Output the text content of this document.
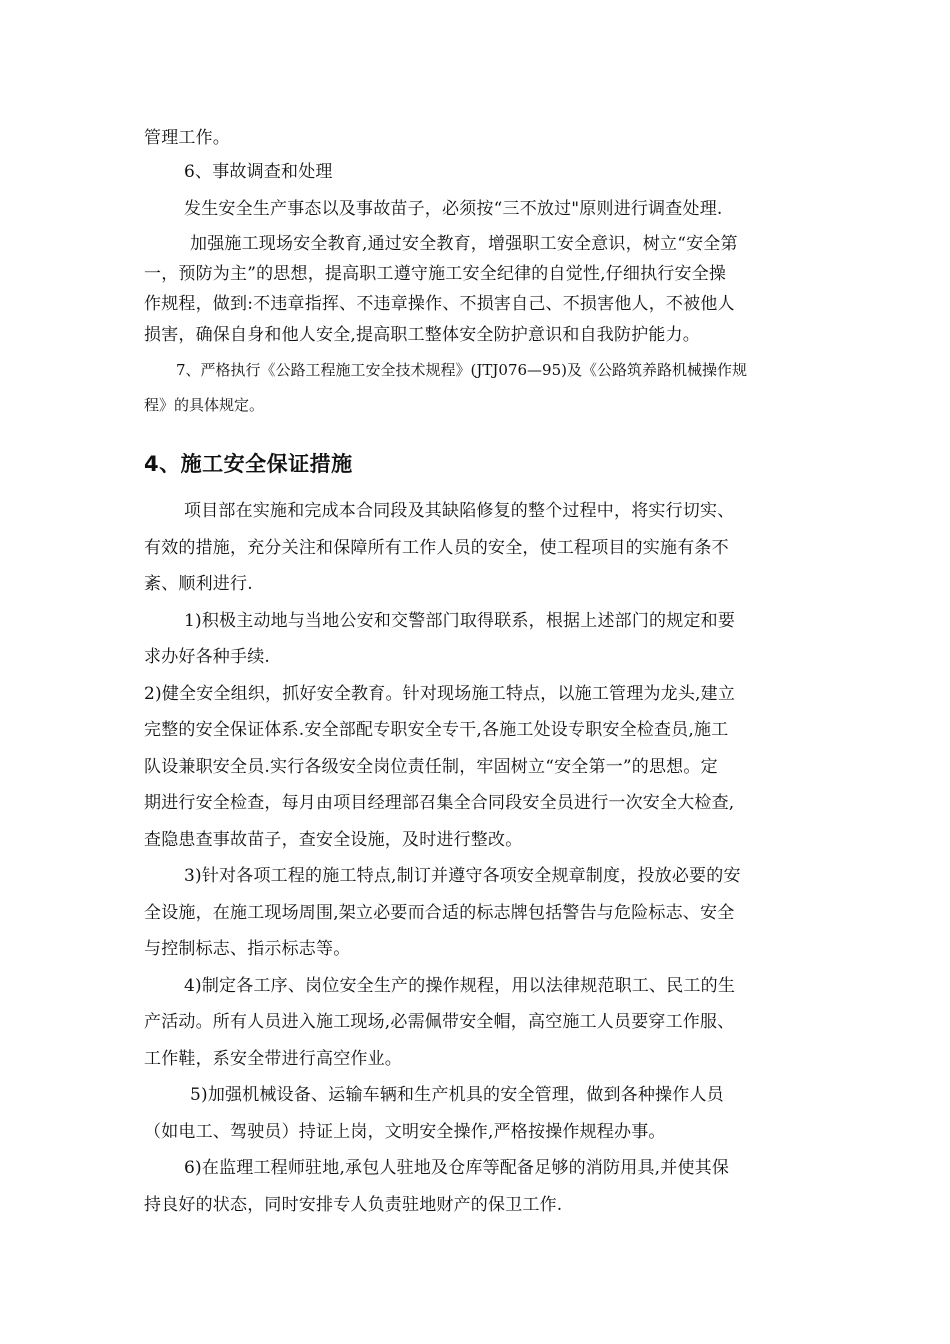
管理工作。
6、事故调查和处理
发生安全生产事态以及事故苗子，必须按“三不放过"原则进行调查处理.
加强施工现场安全教育,通过安全教育，增强职工安全意识，树立“安全第
一，预防为主”的思想，提高职工遵守施工安全纪律的自觉性,仔细执行安全操
作规程，做到:不违章指挥、不违章操作、不损害自己、不损害他人，不被他人
损害，确保自身和他人安全,提高职工整体安全防护意识和自我防护能力。
7、严格执行《公路工程施工安全技术规程》(JTJ076—95)及《公路筑养路机械操作规
程》的具体规定。
4、施工安全保证措施
项目部在实施和完成本合同段及其缺陷修复的整个过程中，将实行切实、
有效的措施，充分关注和保障所有工作人员的安全，使工程项目的实施有条不
紊、顺利进行.
1)积极主动地与当地公安和交警部门取得联系，根据上述部门的规定和要
求办好各种手续.
2)健全安全组织，抓好安全教育。针对现场施工特点，以施工管理为龙头,建立
完整的安全保证体系.安全部配专职安全专干,各施工处设专职安全检查员,施工
队设兼职安全员.实行各级安全岗位责任制，牢固树立“安全第一”的思想。定
期进行安全检查，每月由项目经理部召集全合同段安全员进行一次安全大检查,
查隐患查事故苗子，查安全设施，及时进行整改。
3)针对各项工程的施工特点,制订并遵守各项安全规章制度，投放必要的安
全设施，在施工现场周围,架立必要而合适的标志牌包括警告与危险标志、安全
与控制标志、指示标志等。
4)制定各工序、岗位安全生产的操作规程，用以法律规范职工、民工的生
产活动。所有人员进入施工现场,必需佩带安全帽，高空施工人员要穿工作服、
工作鞋，系安全带进行高空作业。
5)加强机械设备、运输车辆和生产机具的安全管理，做到各种操作人员
（如电工、驾驶员）持证上岗，文明安全操作,严格按操作规程办事。
6)在监理工程师驻地,承包人驻地及仓库等配备足够的消防用具,并使其保
持良好的状态，同时安排专人负责驻地财产的保卫工作.
